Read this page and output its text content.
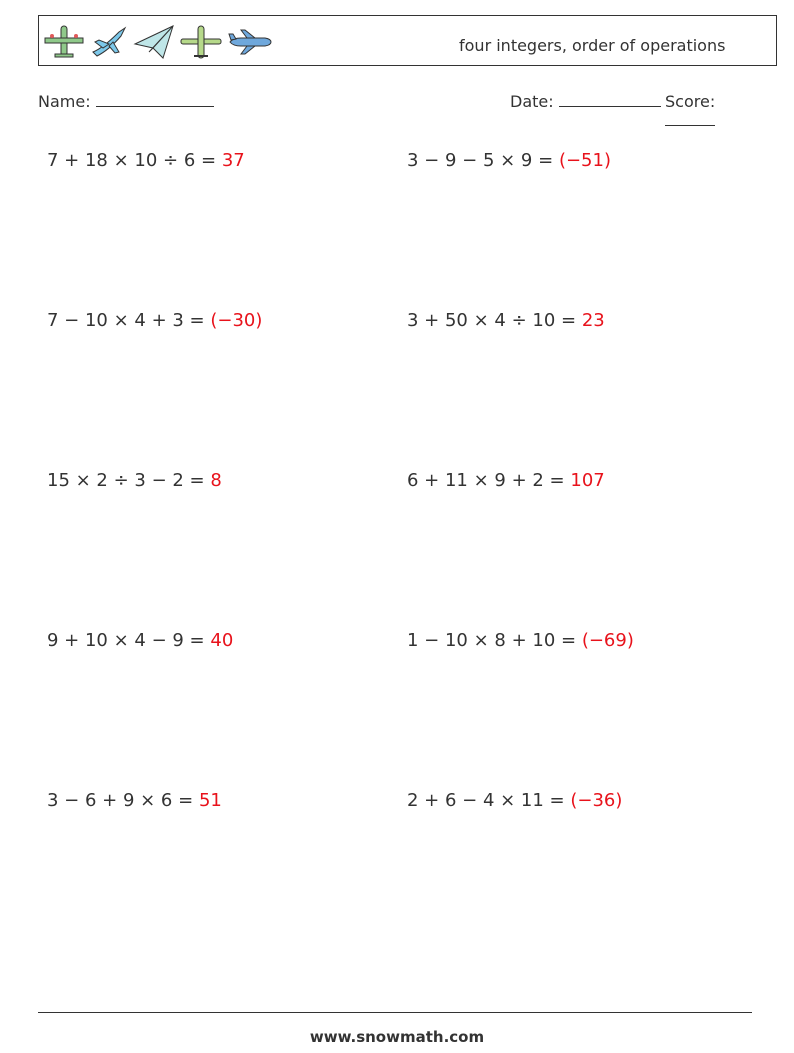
four integers, order of operations
Name:	Date:	Score:
7 + 18 × 10 ÷ 6 = 37	3 − 9 − 5 × 9 = (−51)
7 − 10 × 4 + 3 = (−30)	3 + 50 × 4 ÷ 10 = 23
15 × 2 ÷ 3 − 2 = 8	6 + 11 × 9 + 2 = 107
9 + 10 × 4 − 9 = 40	1 − 10 × 8 + 10 = (−69)
3 − 6 + 9 × 6 = 51	2 + 6 − 4 × 11 = (−36)
www.snowmath.com
